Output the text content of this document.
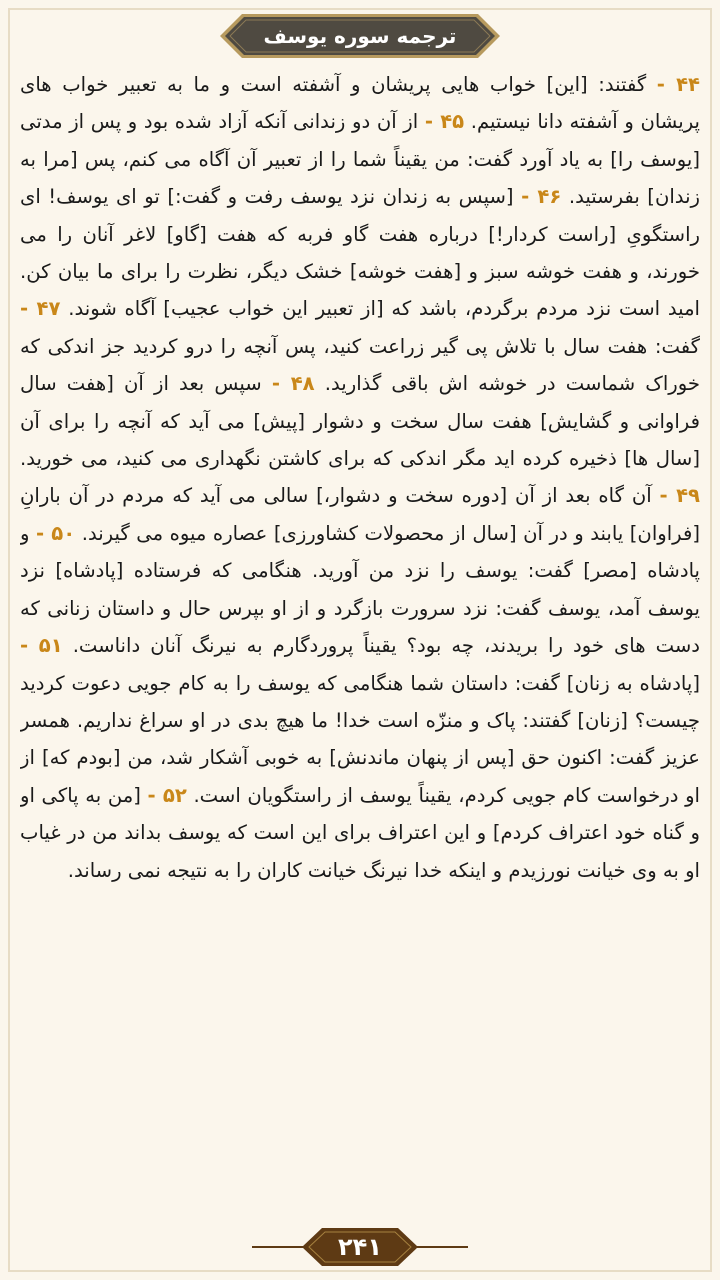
ترجمه سوره یوسف

۴۴ - گفتند: [این] خواب هایی پریشان و آشفته است و ما به تعبیر خواب های پریشان و آشفته دانا نیستیم. ۴۵ - از آن دو زندانی آنکه آزاد شده بود و پس از مدتی [یوسف را] به یاد آورد گفت: من یقیناً شما را از تعبیر آن آگاه می کنم، پس [مرا به زندان] بفرستید. ۴۶ - [سپس به زندان نزد یوسف رفت و گفت:] تو ای یوسف! ای راستگویِ [راست کردار!] درباره هفت گاو فربه که هفت [گاو] لاغر آنان را می خورند، و هفت خوشه سبز و [هفت خوشه] خشک دیگر، نظرت را برای ما بیان کن. امید است نزد مردم برگردم، باشد که [از تعبیر این خواب عجیب] آگاه شوند. ۴۷ - گفت: هفت سال با تلاش پی گیر زراعت کنید، پس آنچه را درو کردید جز اندکی که خوراک شماست در خوشه اش باقی گذارید. ۴۸ - سپس بعد از آن [هفت سال فراوانی و گشایش] هفت سال سخت و دشوار [پیش] می آید که آنچه را برای آن [سال ها] ذخیره کرده اید مگر اندکی که برای کاشتن نگهداری می کنید، می خورید. ۴۹ - آن گاه بعد از آن [دوره سخت و دشوار،] سالی می آید که مردم در آن بارانِ [فراوان] یابند و در آن [سال از محصولات کشاورزی] عصاره میوه می گیرند. ۵۰ - و پادشاه [مصر] گفت: یوسف را نزد من آورید. هنگامی که فرستاده [پادشاه] نزد یوسف آمد، یوسف گفت: نزد سرورت بازگرد و از او بپرس حال و داستان زنانی که دست های خود را بریدند، چه بود؟ یقیناً پروردگارم به نیرنگ آنان داناست. ۵۱ - [پادشاه به زنان] گفت: داستان شما هنگامی که یوسف را به کام جویی دعوت کردید چیست؟ [زنان] گفتند: پاک و منزّه است خدا! ما هیچ بدی در او سراغ نداریم. همسر عزیز گفت: اکنون حق [پس از پنهان ماندنش] به خوبی آشکار شد، من [بودم که] از او درخواست کام جویی کردم، یقیناً یوسف از راستگویان است. ۵۲ - [من به پاکی او و گناه خود اعتراف کردم] و این اعتراف برای این است که یوسف بداند من در غیاب او به وی خیانت نورزیدم و اینکه خدا نیرنگ خیانت کاران را به نتیجه نمی رساند.

۲۴۱
